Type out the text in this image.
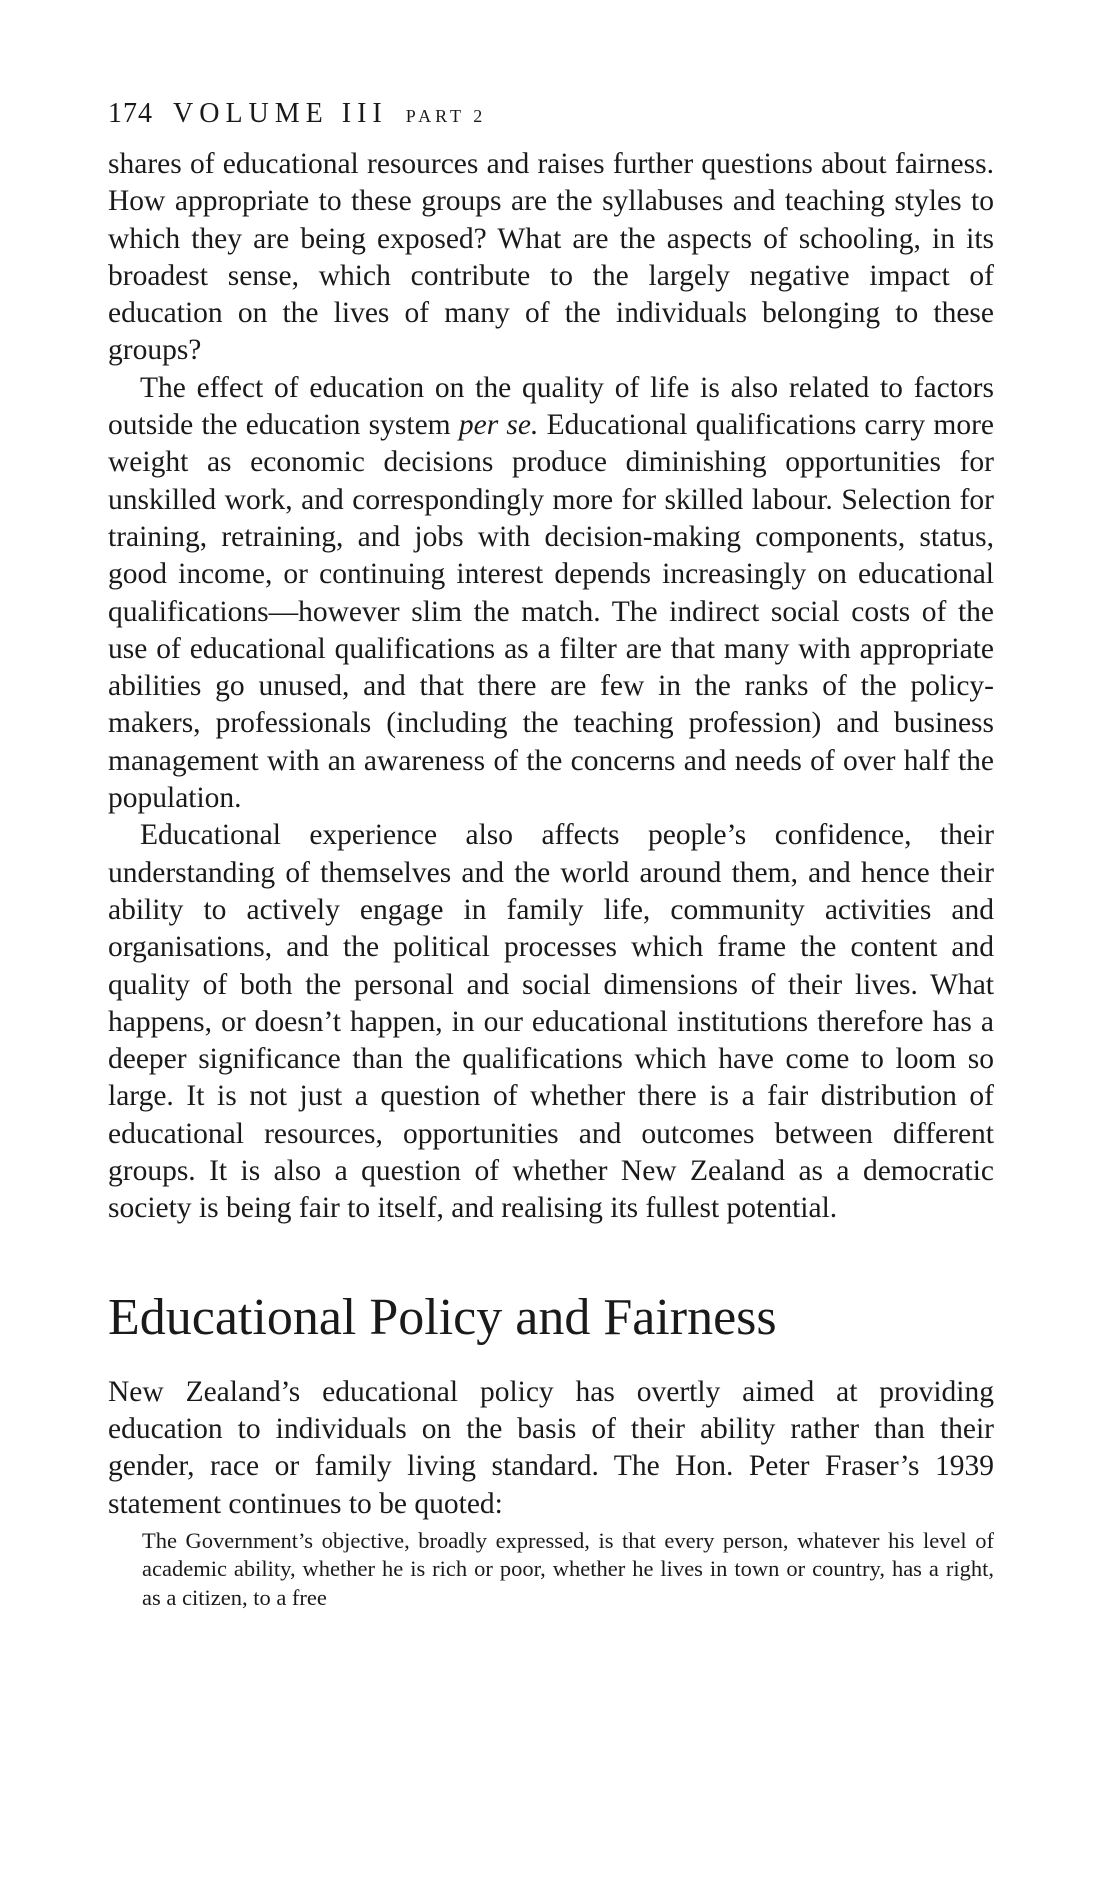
174 VOLUME III PART 2

shares of educational resources and raises further questions about fairness. How appropriate to these groups are the syllabuses and teaching styles to which they are being exposed? What are the aspects of schooling, in its broadest sense, which contribute to the largely negative impact of education on the lives of many of the individuals belonging to these groups?

The effect of education on the quality of life is also related to factors outside the education system per se. Educational qualifications carry more weight as economic decisions produce diminishing opportunities for unskilled work, and correspondingly more for skilled labour. Selection for training, retraining, and jobs with decision-making components, status, good income, or continuing interest depends increasingly on educational qualifications—however slim the match. The indirect social costs of the use of educational qualifications as a filter are that many with appropriate abilities go unused, and that there are few in the ranks of the policy-makers, professionals (including the teaching profession) and business management with an awareness of the concerns and needs of over half the population.

Educational experience also affects people’s confidence, their understanding of themselves and the world around them, and hence their ability to actively engage in family life, community activities and organisations, and the political processes which frame the content and quality of both the personal and social dimensions of their lives. What happens, or doesn’t happen, in our educational institutions therefore has a deeper significance than the qualifications which have come to loom so large. It is not just a question of whether there is a fair distribution of educational resources, opportunities and outcomes between different groups. It is also a question of whether New Zealand as a democratic society is being fair to itself, and realising its fullest potential.

Educational Policy and Fairness

New Zealand’s educational policy has overtly aimed at providing education to individuals on the basis of their ability rather than their gender, race or family living standard. The Hon. Peter Fraser’s 1939 statement continues to be quoted:

The Government’s objective, broadly expressed, is that every person, whatever his level of academic ability, whether he is rich or poor, whether he lives in town or country, has a right, as a citizen, to a free
